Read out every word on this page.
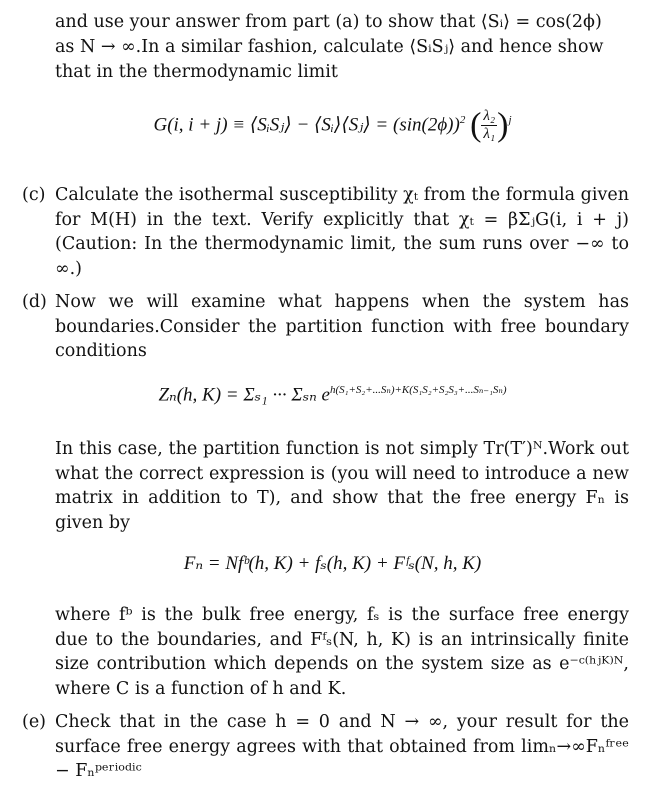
and use your answer from part (a) to show that ⟨Sᵢ⟩ = cos(2ϕ)

as N → ∞.In a similar fashion, calculate ⟨SᵢSⱼ⟩ and hence show

that in the thermodynamic limit

G(i, i + j) ≡ ⟨SᵢSⱼ⟩ − ⟨Sᵢ⟩⟨Sⱼ⟩ = $(\sin(2\phi))^2$ ( $\frac{\text{λ₂}}{\text{λ₁}} )^j$
(c) Calculate the isothermal susceptibility χₜ from the formula given for M(H) in the text. Verify explicitly that χₜ = βΣⱼG(i, i + j) (Caution: In the thermodynamic limit, the sum runs over −∞ to ∞.)

(d) Now we will examine what happens when the system has boundaries.Consider the partition function with free boundary conditions

Zₙ(h, K) = Σₛ₁ ··· Σₛₙ $e^{h(S_1+S_2+...S_n)+K(S_1S_2+S_2S_3+...S_{n-1}S_n)}$

In this case, the partition function is not simply Tr(T′)ᴺ.Work out what the correct expression is (you will need to introduce a new matrix in addition to T), and show that the free energy Fₙ is given by

Fₙ = Nfᵇ(h, K) + fₛ(h, K) + Fᶠₛ(N, h, K)

where fᵇ is the bulk free energy, fₛ is the surface free energy due to the boundaries, and Fᶠₛ(N, h, K) is an intrinsically finite size contribution which depends on the system size as e⁻ᶜ⁽ʰʲᴷ⁾ᴺ, where C is a function of h and K.

(e) Check that in the case h = 0 and N → ∞, your result for the surface free energy agrees with that obtained from limₙ→∞Fₙᶠʳᵉᵉ − Fₙᵖᵉʳⁱᵒᵈⁱᶜ
